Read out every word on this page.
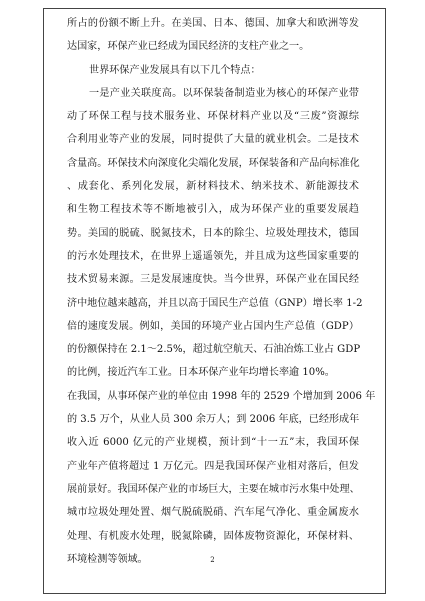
所占的份额不断上升。在美国、日本、德国、加拿大和欧洲等发
达国家，环保产业已经成为国民经济的支柱产业之一。
世界环保产业发展具有以下几个特点：
一是产业关联度高。以环保装备制造业为核心的环保产业带
动了环保工程与技术服务业、环保材料产业以及“三废”资源综
合利用业等产业的发展，同时提供了大量的就业机会。二是技术
含量高。环保技术向深度化尖端化发展，环保装备和产品向标准化
、成套化、系列化发展，新材料技术、纳米技术、新能源技术
和生物工程技术等不断地被引入，成为环保产业的重要发展趋
势。美国的脱硫、脱氮技术，日本的除尘、垃圾处理技术，德国
的污水处理技术，在世界上遥遥领先，并且成为这些国家重要的
技术贸易来源。三是发展速度快。当今世界，环保产业在国民经
济中地位越来越高，并且以高于国民生产总值（GNP）增长率 1-2
倍的速度发展。例如，美国的环境产业占国内生产总值（GDP）
的份额保持在 2.1～2.5%，超过航空航天、石油冶炼工业占 GDP
的比例，接近汽车工业。日本环保产业年均增长率逾 10%。
在我国，从事环保产业的单位由 1998 年的 2529 个增加到 2006 年
的 3.5 万个，从业人员 300 余万人；到 2006 年底，已经形成年
收入近 6000 亿元的产业规模，预计到“十一五”末，我国环保
产业年产值将超过 1 万亿元。四是我国环保产业相对落后，但发
展前景好。我国环保产业的市场巨大，主要在城市污水集中处理、
城市垃圾处理处置、烟气脱硫脱硝、汽车尾气净化、重金属废水
处理、有机废水处理，脱氮除磷，固体废物资源化，环保材料、
环境检测等领域。	2
